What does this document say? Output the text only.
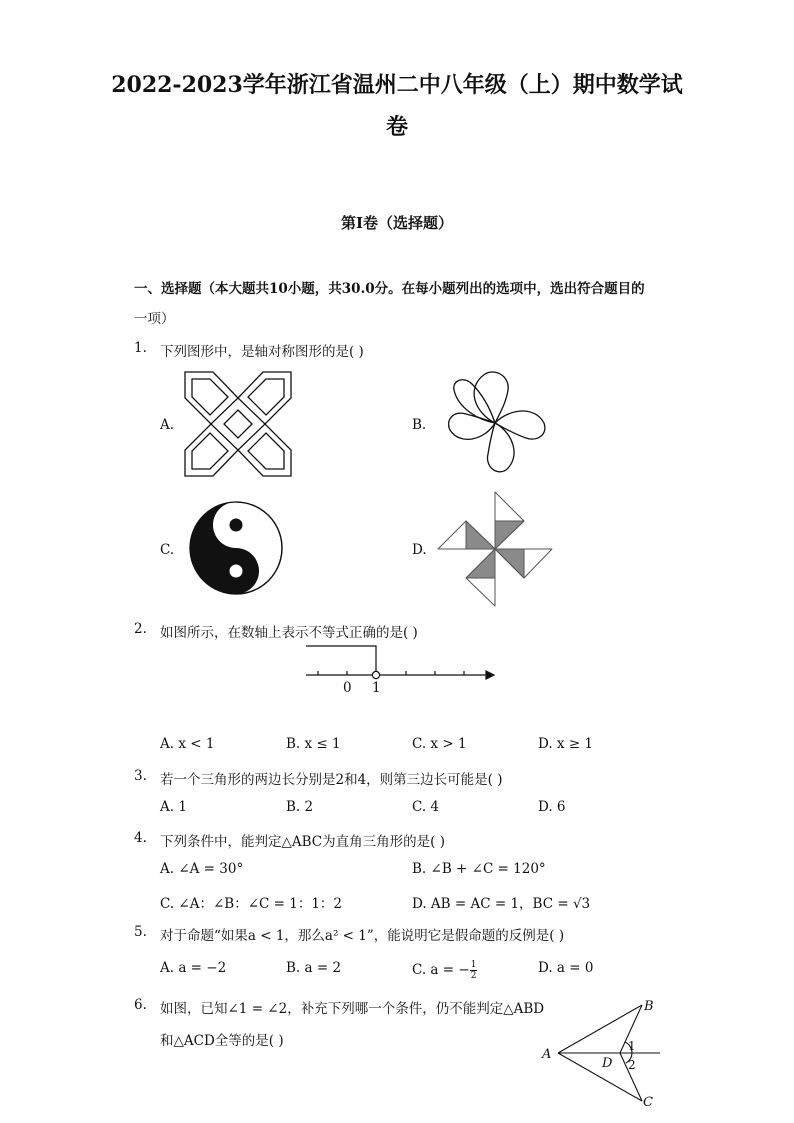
2022-2023学年浙江省温州二中八年级（上）期中数学试
卷
第I卷（选择题）
一、选择题（本大题共10小题，共30.0分。在每小题列出的选项中，选出符合题目的
一项）
1. 下列图形中，是轴对称图形的是( )
A.	B.
C.	D.
2. 如图所示，在数轴上表示不等式正确的是( )
0 1
A. x < 1	B. x ≤ 1	C. x > 1	D. x ≥ 1
3. 若一个三角形的两边长分别是2和4，则第三边长可能是( )
A. 1	B. 2	C. 4	D. 6
4. 下列条件中，能判定△ABC为直角三角形的是( )
A. ∠A = 30°	B. ∠B + ∠C = 120°
C. ∠A：∠B：∠C = 1：1：2	D. AB = AC = 1，BC = √3
5. 对于命题“如果a < 1，那么a² < 1”，能说明它是假命题的反例是( )
A. a = −2	B. a = 2	C. a = − $\frac{1}{2}$	D. a = 0
6. 如图，已知∠1 = ∠2，补充下列哪一个条件，仍不能判定△ABD
和△ACD全等的是( )
A
B
C
D
1
2
